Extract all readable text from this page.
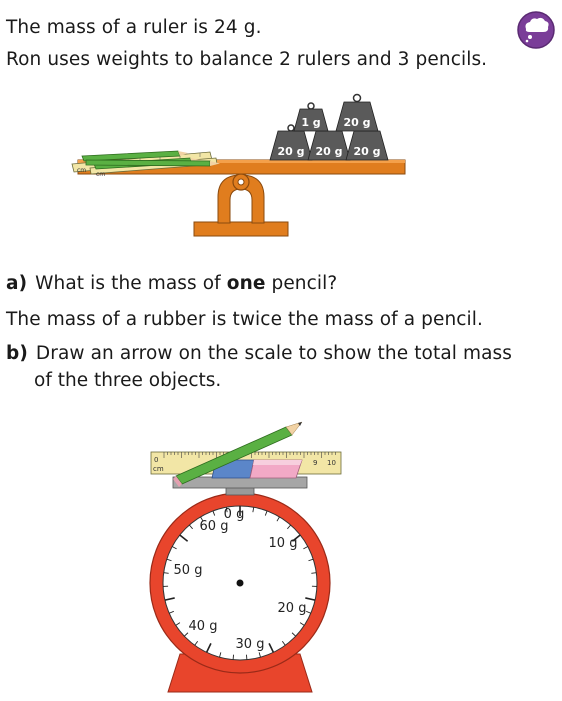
The mass of a ruler is 24 g.
Ron uses weights to balance 2 rulers and 3 pencils.
cm
cm
1 g 20 g
20 g 20 g 20 g
a) What is the mass of one pencil?
The mass of a rubber is twice the mass of a pencil.
b) Draw an arrow on the scale to show the total mass
of the three objects.
0 g
60 g
10 g
50 g
20 g
40 g
30 g
0
cm
9 10
